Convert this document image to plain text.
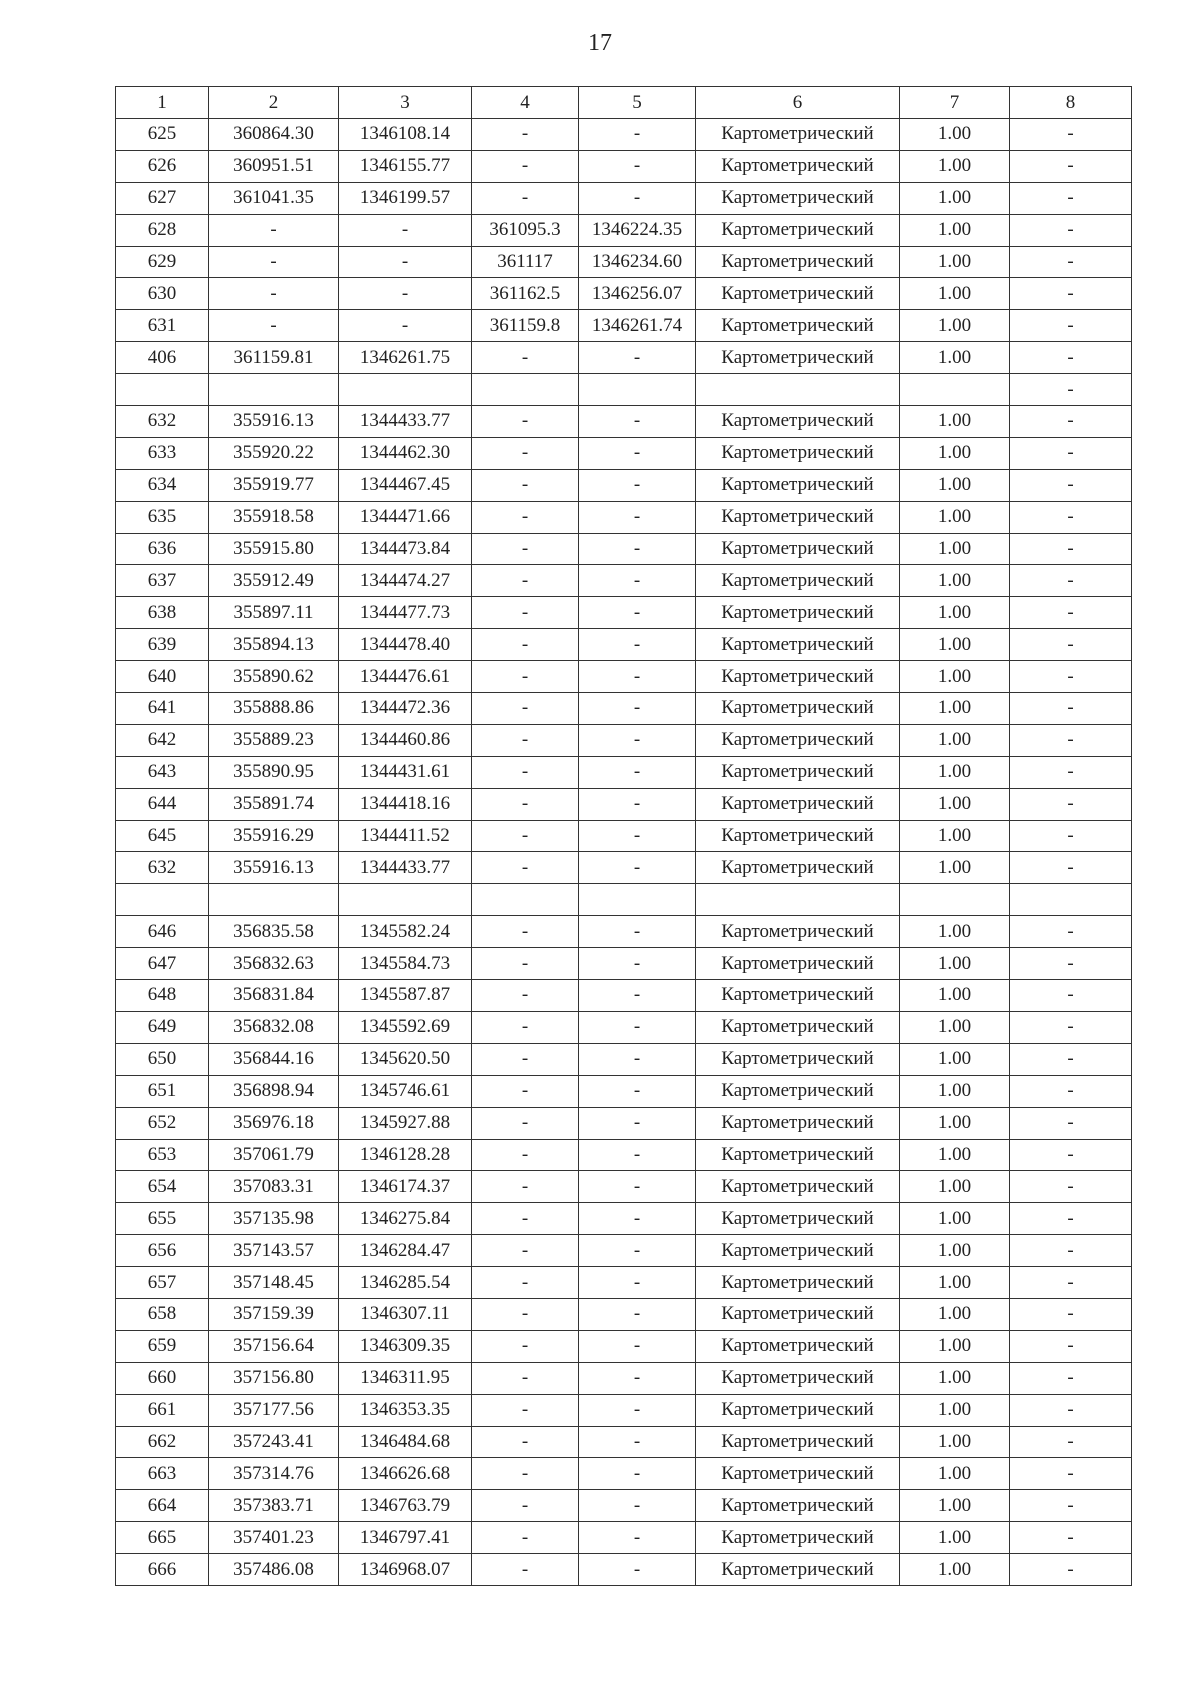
17
1	2	3	4	5	6	7	8
625	360864.30	1346108.14	-	-	Картометрический	1.00	-
626	360951.51	1346155.77	-	-	Картометрический	1.00	-
627	361041.35	1346199.57	-	-	Картометрический	1.00	-
628	-	-	361095.3	1346224.35	Картометрический	1.00	-
629	-	-	361117	1346234.60	Картометрический	1.00	-
630	-	-	361162.5	1346256.07	Картометрический	1.00	-
631	-	-	361159.8	1346261.74	Картометрический	1.00	-
406	361159.81	1346261.75	-	-	Картометрический	1.00	-
							-
632	355916.13	1344433.77	-	-	Картометрический	1.00	-
633	355920.22	1344462.30	-	-	Картометрический	1.00	-
634	355919.77	1344467.45	-	-	Картометрический	1.00	-
635	355918.58	1344471.66	-	-	Картометрический	1.00	-
636	355915.80	1344473.84	-	-	Картометрический	1.00	-
637	355912.49	1344474.27	-	-	Картометрический	1.00	-
638	355897.11	1344477.73	-	-	Картометрический	1.00	-
639	355894.13	1344478.40	-	-	Картометрический	1.00	-
640	355890.62	1344476.61	-	-	Картометрический	1.00	-
641	355888.86	1344472.36	-	-	Картометрический	1.00	-
642	355889.23	1344460.86	-	-	Картометрический	1.00	-
643	355890.95	1344431.61	-	-	Картометрический	1.00	-
644	355891.74	1344418.16	-	-	Картометрический	1.00	-
645	355916.29	1344411.52	-	-	Картометрический	1.00	-
632	355916.13	1344433.77	-	-	Картометрический	1.00	-

646	356835.58	1345582.24	-	-	Картометрический	1.00	-
647	356832.63	1345584.73	-	-	Картометрический	1.00	-
648	356831.84	1345587.87	-	-	Картометрический	1.00	-
649	356832.08	1345592.69	-	-	Картометрический	1.00	-
650	356844.16	1345620.50	-	-	Картометрический	1.00	-
651	356898.94	1345746.61	-	-	Картометрический	1.00	-
652	356976.18	1345927.88	-	-	Картометрический	1.00	-
653	357061.79	1346128.28	-	-	Картометрический	1.00	-
654	357083.31	1346174.37	-	-	Картометрический	1.00	-
655	357135.98	1346275.84	-	-	Картометрический	1.00	-
656	357143.57	1346284.47	-	-	Картометрический	1.00	-
657	357148.45	1346285.54	-	-	Картометрический	1.00	-
658	357159.39	1346307.11	-	-	Картометрический	1.00	-
659	357156.64	1346309.35	-	-	Картометрический	1.00	-
660	357156.80	1346311.95	-	-	Картометрический	1.00	-
661	357177.56	1346353.35	-	-	Картометрический	1.00	-
662	357243.41	1346484.68	-	-	Картометрический	1.00	-
663	357314.76	1346626.68	-	-	Картометрический	1.00	-
664	357383.71	1346763.79	-	-	Картометрический	1.00	-
665	357401.23	1346797.41	-	-	Картометрический	1.00	-
666	357486.08	1346968.07	-	-	Картометрический	1.00	-
